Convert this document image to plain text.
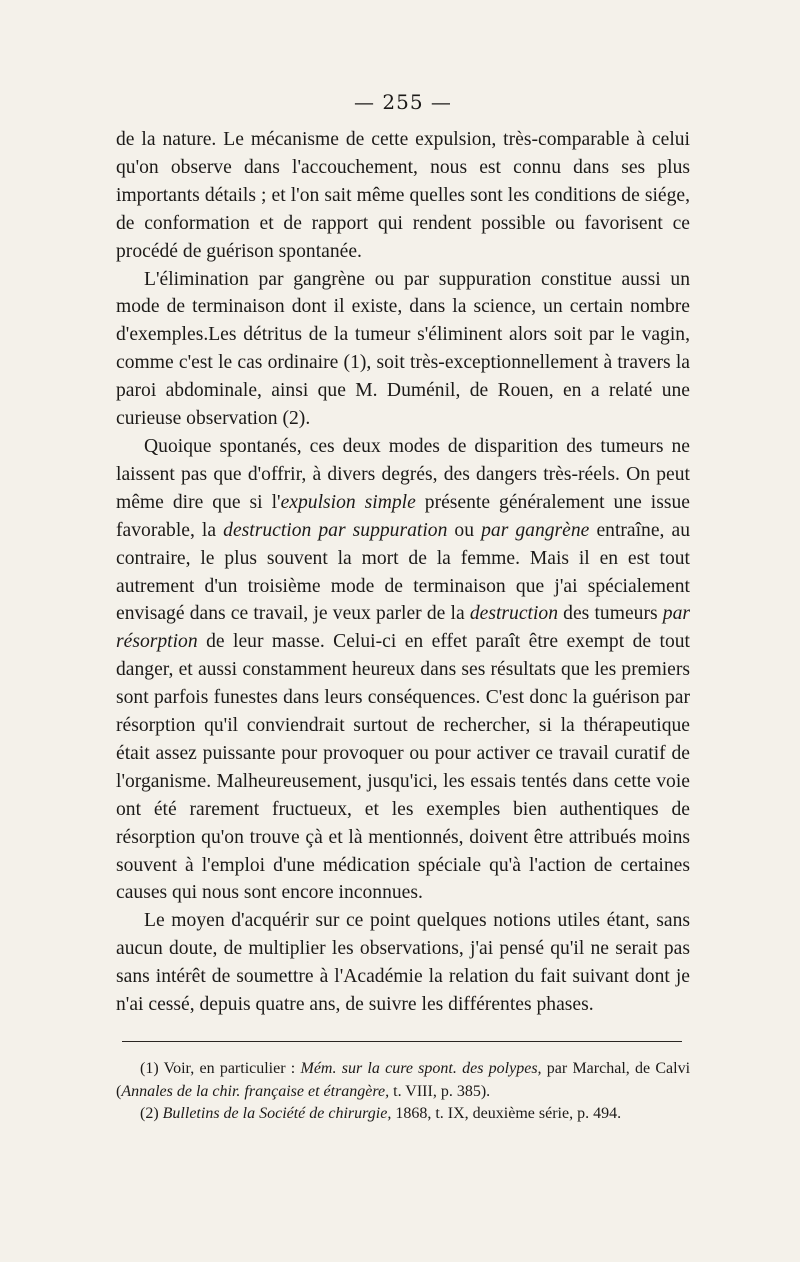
— 255 —

de la nature. Le mécanisme de cette expulsion, très-comparable à celui qu'on observe dans l'accouchement, nous est connu dans ses plus importants détails ; et l'on sait même quelles sont les conditions de siége, de conformation et de rapport qui rendent possible ou favorisent ce procédé de guérison spontanée.

L'élimination par gangrène ou par suppuration constitue aussi un mode de terminaison dont il existe, dans la science, un certain nombre d'exemples.Les détritus de la tumeur s'éliminent alors soit par le vagin, comme c'est le cas ordinaire (1), soit très-exceptionnellement à travers la paroi abdominale, ainsi que M. Duménil, de Rouen, en a relaté une curieuse observation (2).

Quoique spontanés, ces deux modes de disparition des tumeurs ne laissent pas que d'offrir, à divers degrés, des dangers très-réels. On peut même dire que si l'expulsion simple présente généralement une issue favorable, la destruction par suppuration ou par gangrène entraîne, au contraire, le plus souvent la mort de la femme. Mais il en est tout autrement d'un troisième mode de terminaison que j'ai spécialement envisagé dans ce travail, je veux parler de la destruction des tumeurs par résorption de leur masse. Celui-ci en effet paraît être exempt de tout danger, et aussi constamment heureux dans ses résultats que les premiers sont parfois funestes dans leurs conséquences. C'est donc la guérison par résorption qu'il conviendrait surtout de rechercher, si la thérapeutique était assez puissante pour provoquer ou pour activer ce travail curatif de l'organisme. Malheureusement, jusqu'ici, les essais tentés dans cette voie ont été rarement fructueux, et les exemples bien authentiques de résorption qu'on trouve çà et là mentionnés, doivent être attribués moins souvent à l'emploi d'une médication spéciale qu'à l'action de certaines causes qui nous sont encore inconnues.

Le moyen d'acquérir sur ce point quelques notions utiles étant, sans aucun doute, de multiplier les observations, j'ai pensé qu'il ne serait pas sans intérêt de soumettre à l'Académie la relation du fait suivant dont je n'ai cessé, depuis quatre ans, de suivre les différentes phases.

(1) Voir, en particulier : Mém. sur la cure spont. des polypes, par Marchal, de Calvi (Annales de la chir. française et étrangère, t. VIII, p. 385).

(2) Bulletins de la Société de chirurgie, 1868, t. IX, deuxième série, p. 494.
